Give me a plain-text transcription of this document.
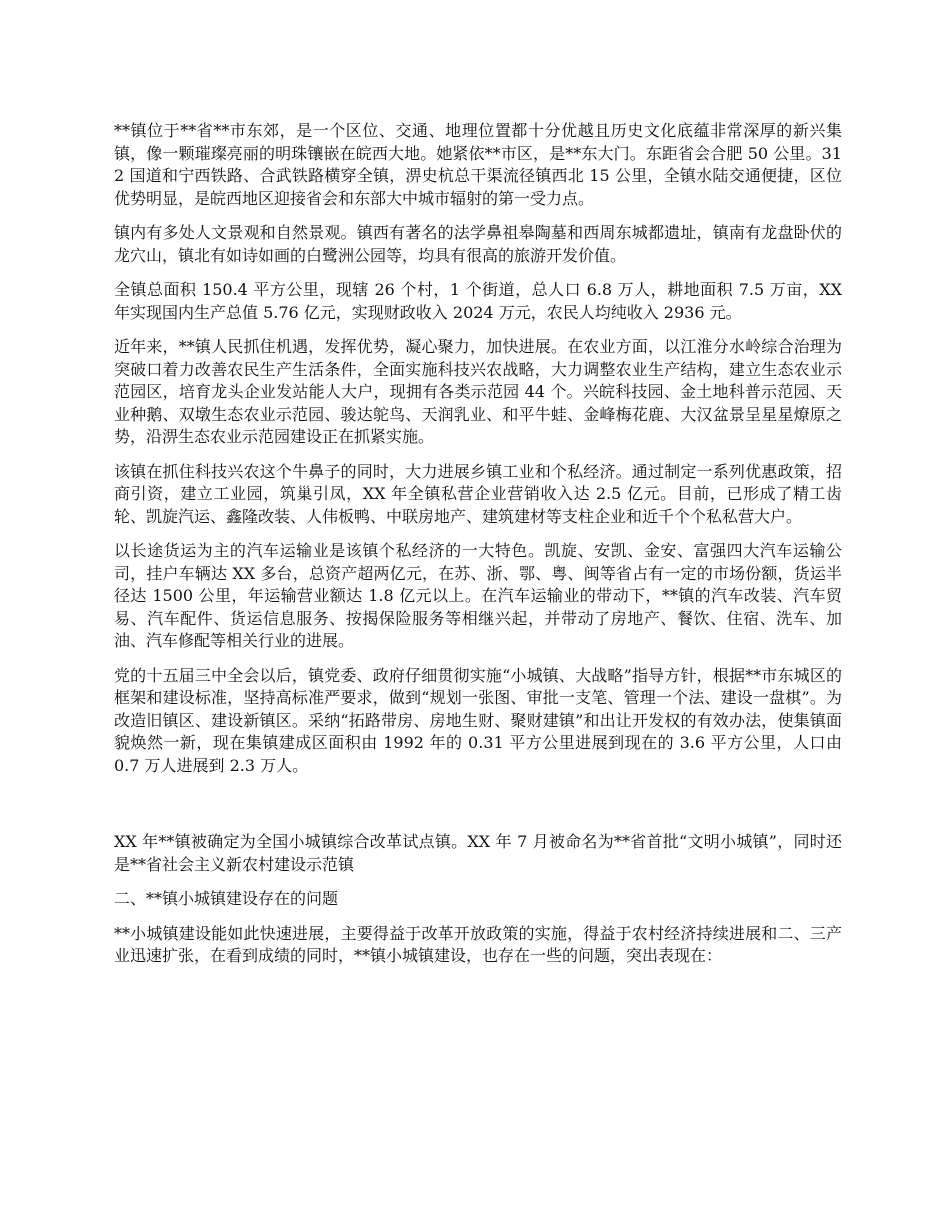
**镇位于**省**市东郊，是一个区位、交通、地理位置都十分优越且历史文化底蕴非常深厚的新兴集镇，像一颗璀璨亮丽的明珠镶嵌在皖西大地。她紧依**市区，是**东大门。东距省会合肥 50 公里。312 国道和宁西铁路、合武铁路横穿全镇，淠史杭总干渠流径镇西北 15 公里，全镇水陆交通便捷，区位优势明显，是皖西地区迎接省会和东部大中城市辐射的第一受力点。

镇内有多处人文景观和自然景观。镇西有著名的法学鼻祖皋陶墓和西周东城都遗址，镇南有龙盘卧伏的龙穴山，镇北有如诗如画的白鹭洲公园等，均具有很高的旅游开发价值。

全镇总面积 150.4 平方公里，现辖 26 个村，1 个街道，总人口 6.8 万人，耕地面积 7.5 万亩，XX 年实现国内生产总值 5.76 亿元，实现财政收入 2024 万元，农民人均纯收入 2936 元。

近年来，**镇人民抓住机遇，发挥优势，凝心聚力，加快进展。在农业方面，以江淮分水岭综合治理为突破口着力改善农民生产生活条件，全面实施科技兴农战略，大力调整农业生产结构，建立生态农业示范园区，培育龙头企业发站能人大户，现拥有各类示范园 44 个。兴皖科技园、金土地科普示范园、天业种鹅、双墩生态农业示范园、骏达鸵鸟、天润乳业、和平牛蛙、金峰梅花鹿、大汉盆景呈星星燎原之势，沿淠生态农业示范园建设正在抓紧实施。

该镇在抓住科技兴农这个牛鼻子的同时，大力进展乡镇工业和个私经济。通过制定一系列优惠政策，招商引资，建立工业园，筑巢引凤，XX 年全镇私营企业营销收入达 2.5 亿元。目前，已形成了精工齿轮、凯旋汽运、鑫隆改装、人伟板鸭、中联房地产、建筑建材等支柱企业和近千个个私私营大户。

以长途货运为主的汽车运输业是该镇个私经济的一大特色。凯旋、安凯、金安、富强四大汽车运输公司，挂户车辆达 XX 多台，总资产超两亿元，在苏、浙、鄂、粤、闽等省占有一定的市场份额，货运半径达 1500 公里，年运输营业额达 1.8 亿元以上。在汽车运输业的带动下，**镇的汽车改装、汽车贸易、汽车配件、货运信息服务、按揭保险服务等相继兴起，并带动了房地产、餐饮、住宿、洗车、加油、汽车修配等相关行业的进展。

党的十五届三中全会以后，镇党委、政府仔细贯彻实施“小城镇、大战略”指导方针，根据**市东城区的框架和建设标准，坚持高标准严要求，做到“规划一张图、审批一支笔、管理一个法、建设一盘棋”。为改造旧镇区、建设新镇区。采纳“拓路带房、房地生财、聚财建镇”和出让开发权的有效办法，使集镇面貌焕然一新，现在集镇建成区面积由 1992 年的 0.31 平方公里进展到现在的 3.6 平方公里，人口由 0.7 万人进展到 2.3 万人。

XX 年**镇被确定为全国小城镇综合改革试点镇。XX 年 7 月被命名为**省首批“文明小城镇”，同时还是**省社会主义新农村建设示范镇

二、**镇小城镇建设存在的问题

**小城镇建设能如此快速进展，主要得益于改革开放政策的实施，得益于农村经济持续进展和二、三产业迅速扩张，在看到成绩的同时，**镇小城镇建设，也存在一些的问题，突出表现在：
